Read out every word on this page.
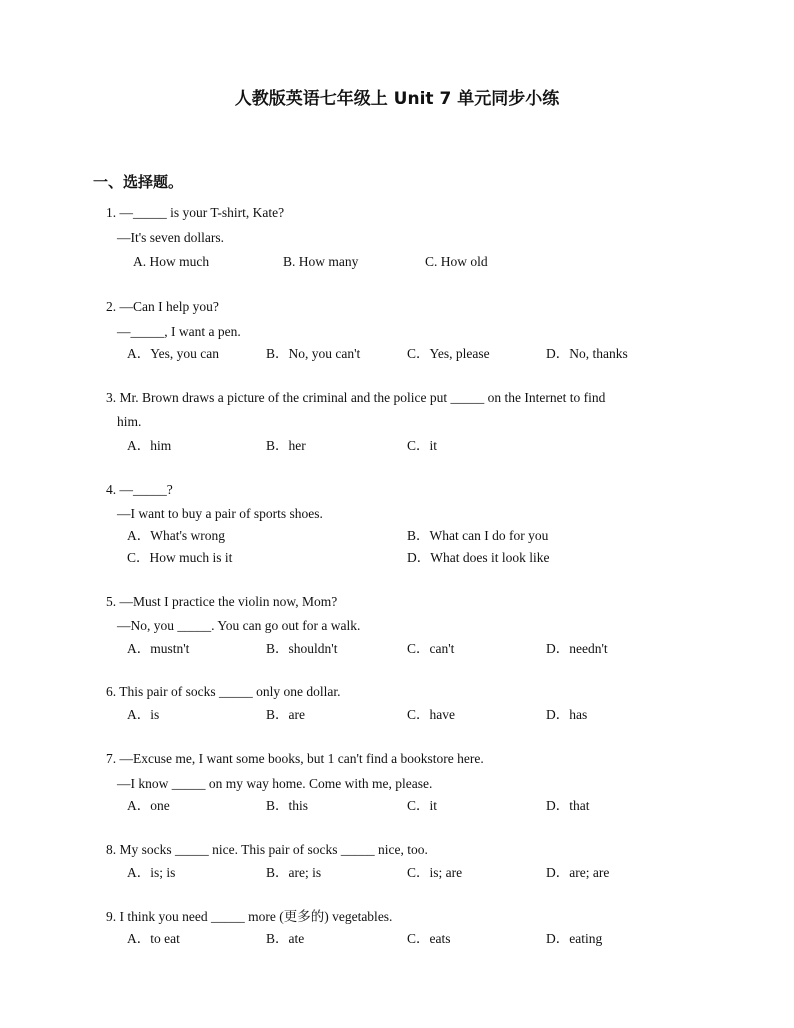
人教版英语七年级上 Unit 7 单元同步小练
一、选择题。
1. —_____ is your T-shirt, Kate?
—It's seven dollars.
A. How much	B. How many	C. How old
2. —Can I help you?
—_____, I want a pen.
A．Yes, you can	B．No, you can't	C．Yes, please	D．No, thanks
3. Mr. Brown draws a picture of the criminal and the police put _____ on the Internet to find
him.
A．him	B．her	C．it
4. —_____?
—I want to buy a pair of sports shoes.
A．What's wrong	B．What can I do for you
C．How much is it	D．What does it look like
5. —Must I practice the violin now, Mom?
—No, you _____. You can go out for a walk.
A．mustn't	B．shouldn't	C．can't	D．needn't
6. This pair of socks _____ only one dollar.
A．is	B．are	C．have	D．has
7. —Excuse me, I want some books, but 1 can't find a bookstore here.
—I know _____ on my way home. Come with me, please.
A．one	B．this	C．it	D．that
8. My socks _____ nice. This pair of socks _____ nice, too.
A．is; is	B．are; is	C．is; are	D．are; are
9. I think you need _____ more (更多的) vegetables.
A．to eat	B．ate	C．eats	D．eating
